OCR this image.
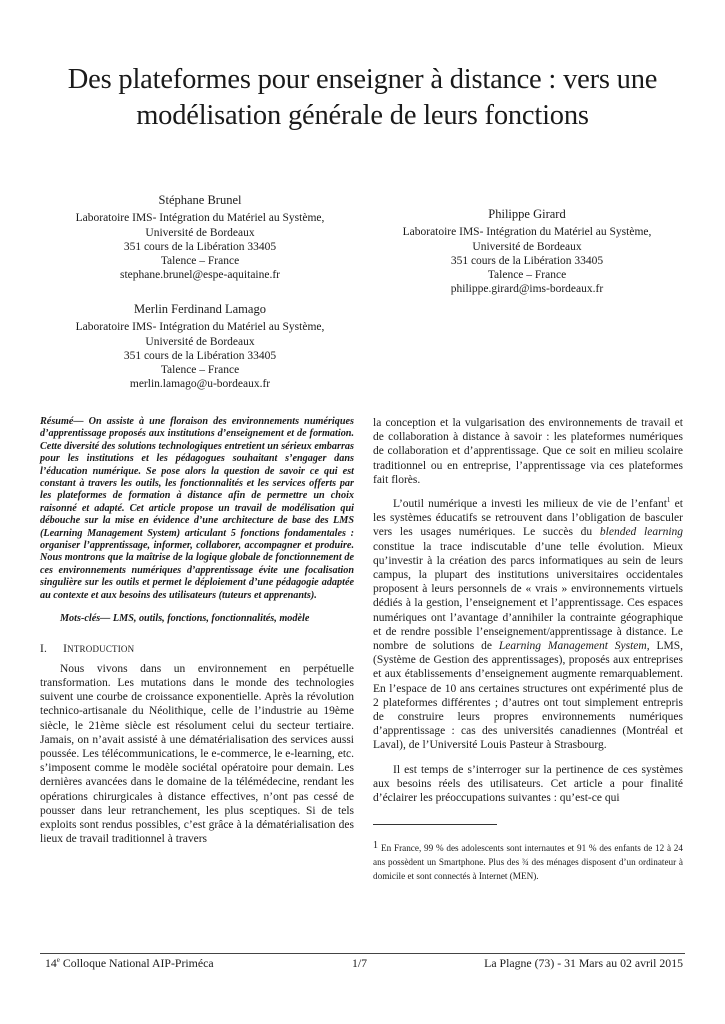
Des plateformes pour enseigner à distance : vers une
modélisation générale de leurs fonctions
Stéphane Brunel
Laboratoire IMS- Intégration du Matériel au Système,
Université de Bordeaux
351 cours de la Libération 33405
Talence – France
stephane.brunel@espe-aquitaine.fr
Philippe Girard
Laboratoire IMS- Intégration du Matériel au Système,
Université de Bordeaux
351 cours de la Libération 33405
Talence – France
philippe.girard@ims-bordeaux.fr
Merlin Ferdinand Lamago
Laboratoire IMS- Intégration du Matériel au Système,
Université de Bordeaux
351 cours de la Libération 33405
Talence – France
merlin.lamago@u-bordeaux.fr

Résumé— On assiste à une floraison des environnements numériques d’apprentissage proposés aux institutions d’enseignement et de formation. Cette diversité des solutions technologiques entretient un sérieux embarras pour les institutions et les pédagogues souhaitant s’engager dans l’éducation numérique. Se pose alors la question de savoir ce qui est constant à travers les outils, les fonctionnalités et les services offerts par les plateformes de formation à distance afin de permettre un choix raisonné et adapté. Cet article propose un travail de modélisation qui débouche sur la mise en évidence d’une architecture de base des LMS (Learning Management System) articulant 5 fonctions fondamentales : organiser l’apprentissage, informer, collaborer, accompagner et produire. Nous montrons que la maîtrise de la logique globale de fonctionnement de ces environnements numériques d’apprentissage évite une focalisation singulière sur les outils et permet le déploiement d’une pédagogie adaptée au contexte et aux besoins des utilisateurs (tuteurs et apprenants).

Mots-clés— LMS, outils, fonctions, fonctionnalités, modèle

I. INTRODUCTION

Nous vivons dans un environnement en perpétuelle transformation. Les mutations dans le monde des technologies suivent une courbe de croissance exponentielle. Après la révolution technico-artisanale du Néolithique, celle de l’industrie au 19ème siècle, le 21ème siècle est résolument celui du secteur tertiaire. Jamais, on n’avait assisté à une dématérialisation des services aussi poussée. Les télécommunications, le e-commerce, le e-learning, etc. s’imposent comme le modèle sociétal opératoire pour demain. Les dernières avancées dans le domaine de la télémédecine, rendant les opérations chirurgicales à distance effectives, n’ont pas cessé de pousser dans leur retranchement, les plus sceptiques. Si de tels exploits sont rendus possibles, c’est grâce à la dématérialisation des lieux de travail traditionnel à travers

la conception et la vulgarisation des environnements de travail et de collaboration à distance à savoir : les plateformes numériques de collaboration et d’apprentissage. Que ce soit en milieu scolaire traditionnel ou en entreprise, l’apprentissage via ces plateformes fait florès.

L’outil numérique a investi les milieux de vie de l’enfant$^1$ et les systèmes éducatifs se retrouvent dans l’obligation de basculer vers les usages numériques. Le succès du blended learning constitue la trace indiscutable d’une telle évolution. Mieux qu’investir à la création des parcs informatiques au sein de leurs campus, la plupart des institutions universitaires occidentales proposent à leurs personnels de « vrais » environnements virtuels dédiés à la gestion, l’enseignement et l’apprentissage. Ces espaces numériques ont l’avantage d’annihiler la contrainte géographique et de rendre possible l’enseignement/apprentissage à distance. Le nombre de solutions de Learning Management System, LMS, (Système de Gestion des apprentissages), proposés aux entreprises et aux établissements d’enseignement augmente remarquablement. En l’espace de 10 ans certaines structures ont expérimenté plus de 2 plateformes différentes ; d’autres ont tout simplement entrepris de construire leurs propres environnements numériques d’apprentissage : cas des universités canadiennes (Montréal et Laval), de l’Université Louis Pasteur à Strasbourg.

Il est temps de s’interroger sur la pertinence de ces systèmes aux besoins réels des utilisateurs. Cet article a pour finalité d’éclairer les préoccupations suivantes : qu’est-ce qui

1 En France, 99 % des adolescents sont internautes et 91 % des enfants de 12 à 24 ans possèdent un Smartphone. Plus des ¾ des ménages disposent d’un ordinateur à domicile et sont connectés à Internet (MEN).
14e Colloque National AIP-Priméca	1/7	La Plagne (73) - 31 Mars au 02 avril 2015
